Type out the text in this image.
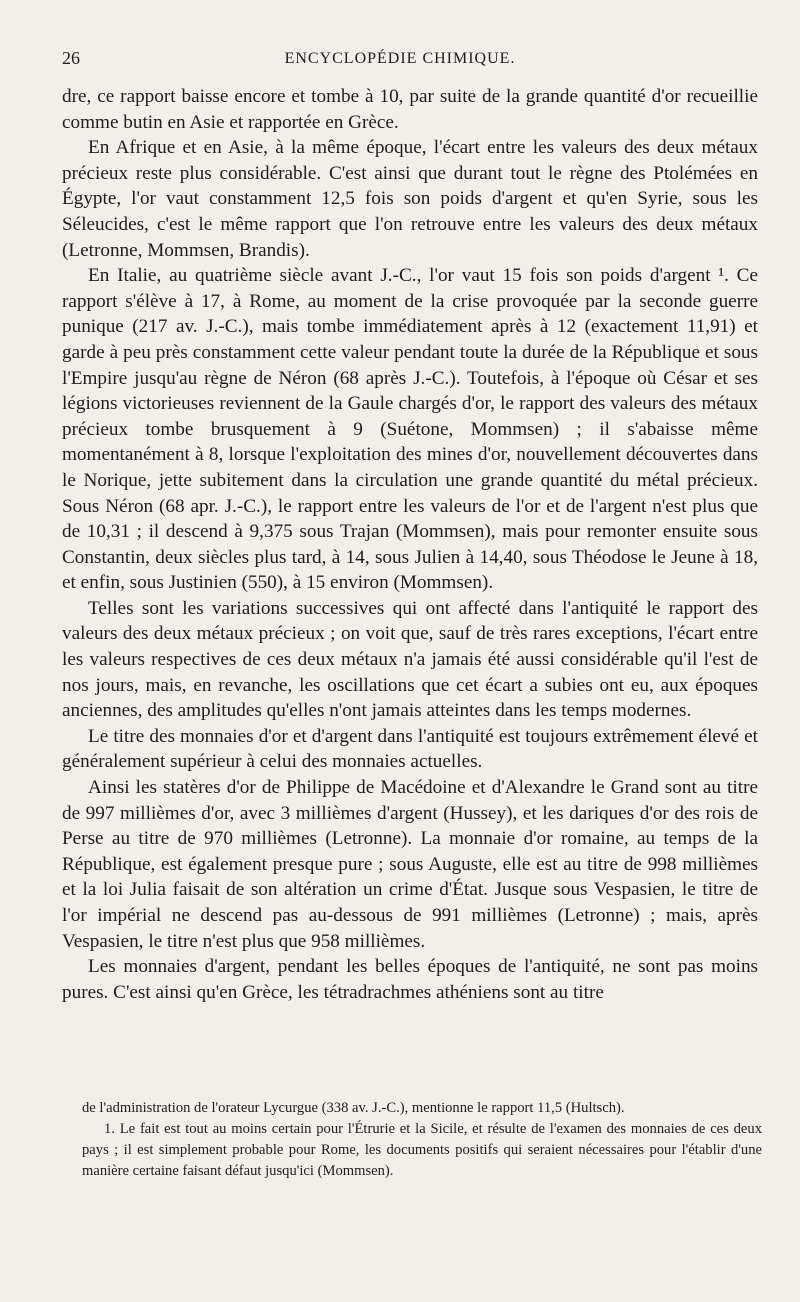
26	ENCYCLOPÉDIE CHIMIQUE.

dre, ce rapport baisse encore et tombe à 10, par suite de la grande quantité d'or recueillie comme butin en Asie et rapportée en Grèce.

En Afrique et en Asie, à la même époque, l'écart entre les valeurs des deux métaux précieux reste plus considérable. C'est ainsi que durant tout le règne des Ptolémées en Égypte, l'or vaut constamment 12,5 fois son poids d'argent et qu'en Syrie, sous les Séleucides, c'est le même rapport que l'on retrouve entre les valeurs des deux métaux (Letronne, Mommsen, Brandis).

En Italie, au quatrième siècle avant J.-C., l'or vaut 15 fois son poids d'argent ¹. Ce rapport s'élève à 17, à Rome, au moment de la crise provoquée par la seconde guerre punique (217 av. J.-C.), mais tombe immédiatement après à 12 (exactement 11,91) et garde à peu près constamment cette valeur pendant toute la durée de la République et sous l'Empire jusqu'au règne de Néron (68 après J.-C.). Toutefois, à l'époque où César et ses légions victorieuses reviennent de la Gaule chargés d'or, le rapport des valeurs des métaux précieux tombe brusquement à 9 (Suétone, Mommsen) ; il s'abaisse même momentanément à 8, lorsque l'exploitation des mines d'or, nouvellement découvertes dans le Norique, jette subitement dans la circulation une grande quantité du métal précieux. Sous Néron (68 apr. J.-C.), le rapport entre les valeurs de l'or et de l'argent n'est plus que de 10,31 ; il descend à 9,375 sous Trajan (Mommsen), mais pour remonter ensuite sous Constantin, deux siècles plus tard, à 14, sous Julien à 14,40, sous Théodose le Jeune à 18, et enfin, sous Justinien (550), à 15 environ (Mommsen).

Telles sont les variations successives qui ont affecté dans l'antiquité le rapport des valeurs des deux métaux précieux ; on voit que, sauf de très rares exceptions, l'écart entre les valeurs respectives de ces deux métaux n'a jamais été aussi considérable qu'il l'est de nos jours, mais, en revanche, les oscillations que cet écart a subies ont eu, aux époques anciennes, des amplitudes qu'elles n'ont jamais atteintes dans les temps modernes.

Le titre des monnaies d'or et d'argent dans l'antiquité est toujours extrêmement élevé et généralement supérieur à celui des monnaies actuelles.

Ainsi les statères d'or de Philippe de Macédoine et d'Alexandre le Grand sont au titre de 997 millièmes d'or, avec 3 millièmes d'argent (Hussey), et les dariques d'or des rois de Perse au titre de 970 millièmes (Letronne). La monnaie d'or romaine, au temps de la République, est également presque pure ; sous Auguste, elle est au titre de 998 millièmes et la loi Julia faisait de son altération un crime d'État. Jusque sous Vespasien, le titre de l'or impérial ne descend pas au-dessous de 991 millièmes (Letronne) ; mais, après Vespasien, le titre n'est plus que 958 millièmes.

Les monnaies d'argent, pendant les belles époques de l'antiquité, ne sont pas moins pures. C'est ainsi qu'en Grèce, les tétradrachmes athéniens sont au titre

de l'administration de l'orateur Lycurgue (338 av. J.-C.), mentionne le rapport 11,5 (Hultsch).

1. Le fait est tout au moins certain pour l'Étrurie et la Sicile, et résulte de l'examen des monnaies de ces deux pays ; il est simplement probable pour Rome, les documents positifs qui seraient nécessaires pour l'établir d'une manière certaine faisant défaut jusqu'ici (Mommsen).
